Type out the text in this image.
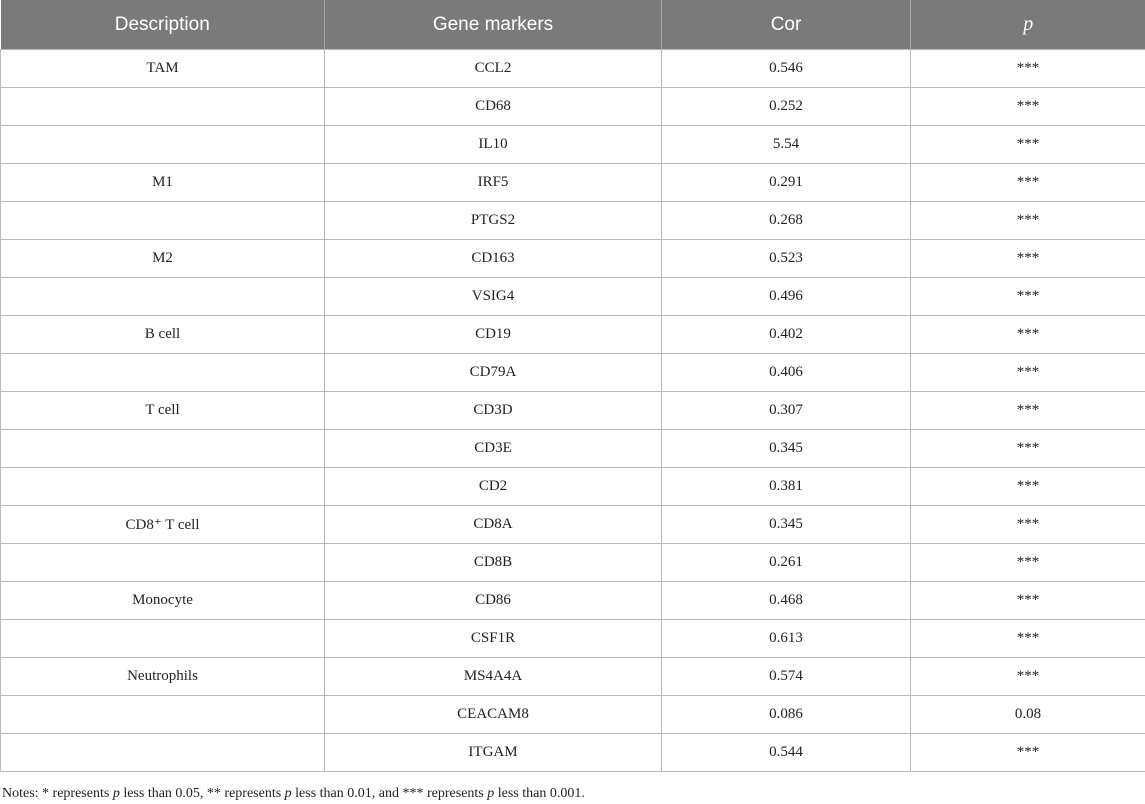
Description	Gene markers	Cor	p
TAM	CCL2	0.546	***
	CD68	0.252	***
	IL10	5.54	***
M1	IRF5	0.291	***
	PTGS2	0.268	***
M2	CD163	0.523	***
	VSIG4	0.496	***
B cell	CD19	0.402	***
	CD79A	0.406	***
T cell	CD3D	0.307	***
	CD3E	0.345	***
	CD2	0.381	***
CD8⁺ T cell	CD8A	0.345	***
	CD8B	0.261	***
Monocyte	CD86	0.468	***
	CSF1R	0.613	***
Neutrophils	MS4A4A	0.574	***
	CEACAM8	0.086	0.08
	ITGAM	0.544	***
Notes: * represents p less than 0.05, ** represents p less than 0.01, and *** represents p less than 0.001.
